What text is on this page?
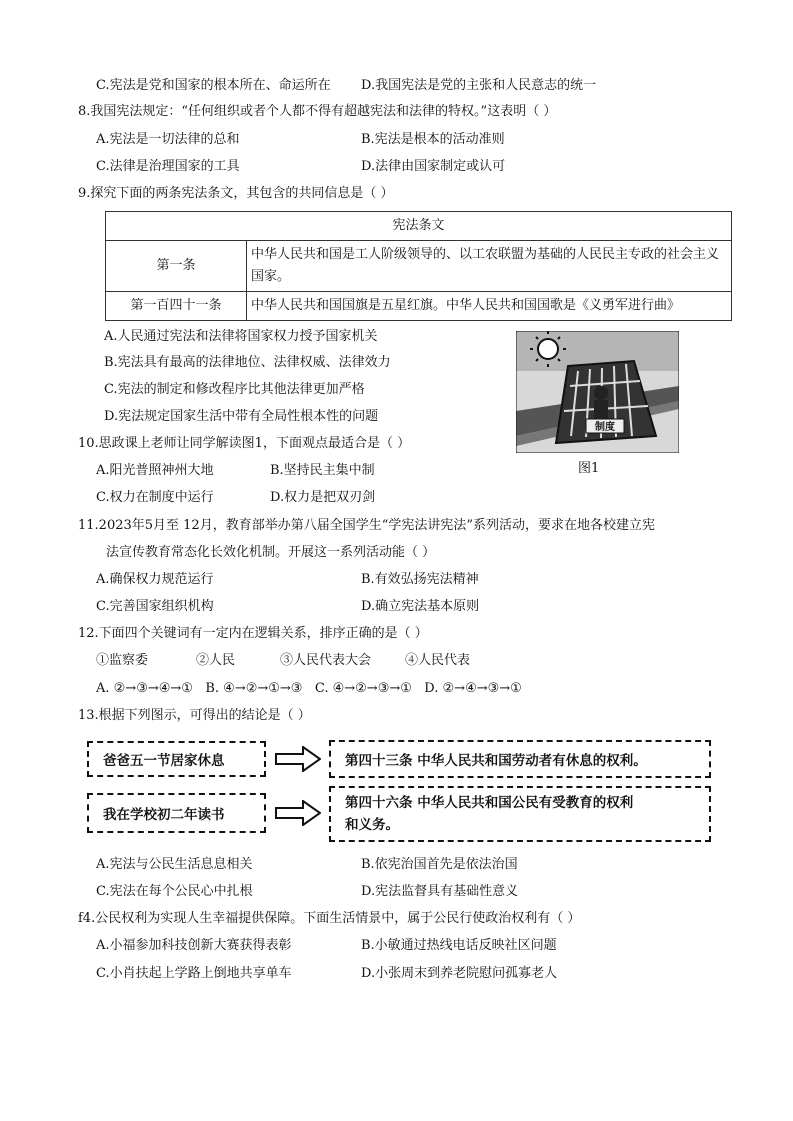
C.宪法是党和国家的根本所在、命运所在 D.我国宪法是党的主张和人民意志的统一
8.我国宪法规定：“任何组织或者个人都不得有超越宪法和法律的特权。”这表明（ ）
A.宪法是一切法律的总和	B.宪法是根本的活动准则
C.法律是治理国家的工具	D.法律由国家制定或认可
9.探究下面的两条宪法条文，其包含的共同信息是（ ）
宪法条文	
第一条	中华人民共和国是工人阶级领导的、以工农联盟为基础的人民民主专政的社会主义国家。
第一百四十一条	中华人民共和国国旗是五星红旗。中华人民共和国国歌是《义勇军进行曲》
A.人民通过宪法和法律将国家权力授予国家机关
B.宪法具有最高的法律地位、法律权威、法律效力
C.宪法的制定和修改程序比其他法律更加严格
D.宪法规定国家生活中带有全局性根本性的问题
制度
图1
10.思政课上老师让同学解读图1，下面观点最适合是（ ）
A.阳光普照神州大地	B.坚持民主集中制
C.权力在制度中运行	D.权力是把双刃剑
11.2023年5月至 12月，教育部举办第八届全国学生“学宪法讲宪法”系列活动，要求在地各校建立宪
法宣传教育常态化长效化机制。开展这一系列活动能（ ）
A.确保权力规范运行	B.有效弘扬宪法精神
C.完善国家组织机构	D.确立宪法基本原则
12.下面四个关键词有一定内在逻辑关系，排序正确的是（ ）
①监察委	②人民	③人民代表大会	④人民代表
A. ②→③→④→①   B. ④→②→①→③   C. ④→②→③→①   D. ②→④→③→①
13.根据下列图示，可得出的结论是（ ）
爸爸五一节居家休息	第四十三条 中华人民共和国劳动者有休息的权利。
我在学校初二年读书
第四十六条 中华人民共和国公民有受教育的权利
和义务。
A.宪法与公民生活息息相关	B.依宪治国首先是依法治国
C.宪法在每个公民心中扎根	D.宪法监督具有基础性意义
f4.公民权利为实现人生幸福提供保障。下面生活情景中，属于公民行使政治权利有（ ）
A.小福参加科技创新大赛获得表彰	B.小敏通过热线电话反映社区问题
C.小肖扶起上学路上倒地共享单车	D.小张周末到养老院慰问孤寡老人
